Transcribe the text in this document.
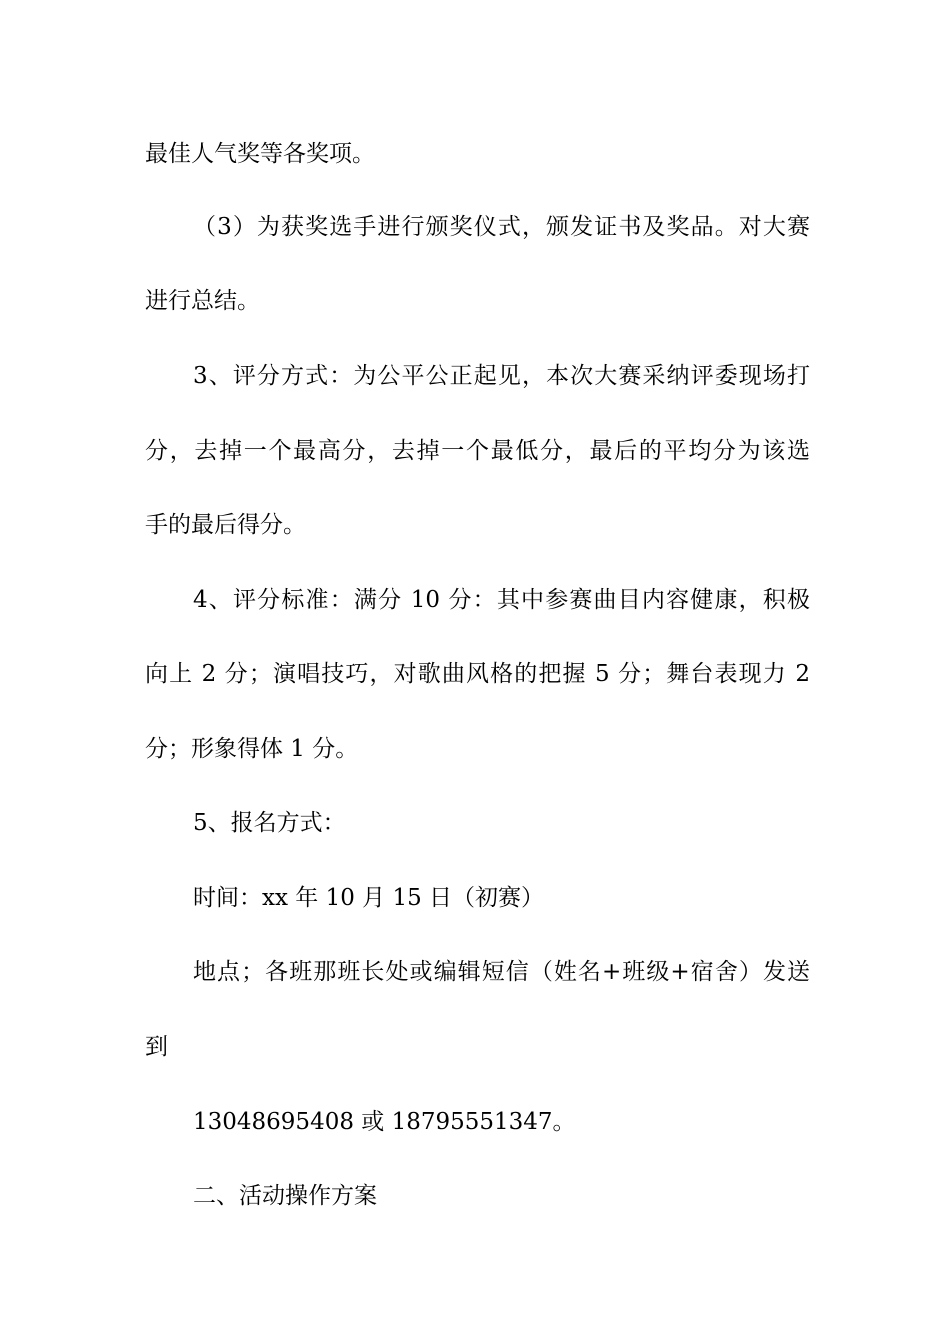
最佳人气奖等各奖项。
（3）为获奖选手进行颁奖仪式，颁发证书及奖品。对大赛
进行总结。
3、评分方式：为公平公正起见，本次大赛采纳评委现场打
分，去掉一个最高分，去掉一个最低分，最后的平均分为该选
手的最后得分。
4、评分标准：满分 10 分：其中参赛曲目内容健康，积极
向上 2 分；演唱技巧，对歌曲风格的把握 5 分；舞台表现力 2
分；形象得体 1 分。
5、报名方式：
时间：xx 年 10 月 15 日（初赛）
地点；各班那班长处或编辑短信（姓名+班级+宿舍）发送
到
13048695408 或 18795551347。
二、活动操作方案
